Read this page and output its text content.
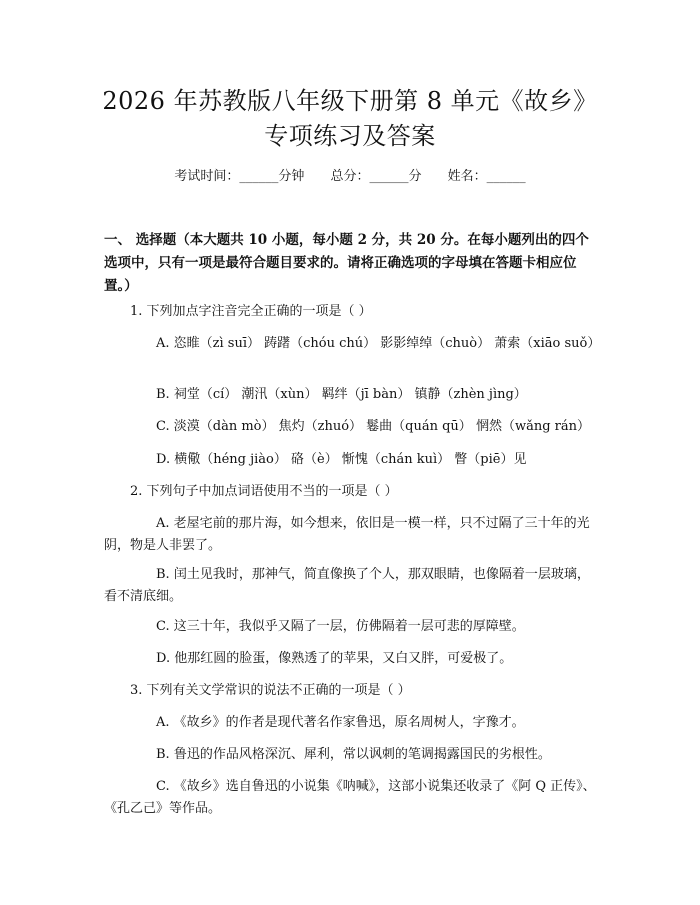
2026 年苏教版八年级下册第 8 单元《故乡》
专项练习及答案
考试时间：______分钟 总分：______分 姓名：______

一、 选择题（本大题共 10 小题，每小题 2 分，共 20 分。在每小题列出的四个选项中，只有一项是最符合题目要求的。请将正确选项的字母填在答题卡相应位置。）

1. 下列加点字注音完全正确的一项是（ ）

A. 恣睢（zì suī） 踌躇（chóu chú） 影影绰绰（chuò） 萧索（xiāo suǒ）

B. 祠堂（cí） 潮汛（xùn） 羁绊（jī bàn） 镇静（zhèn jìng）

C. 淡漠（dàn mò） 焦灼（zhuó） 鬈曲（quán qū） 惘然（wǎng rán）

D. 横儆（héng jiào） 硌（è） 惭愧（chán kuì） 瞥（piē）见

2. 下列句子中加点词语使用不当的一项是（ ）

A. 老屋宅前的那片海，如今想来，依旧是一模一样，只不过隔了三十年的光阴，物是人非罢了。

B. 闰土见我时，那神气，简直像换了个人，那双眼睛，也像隔着一层玻璃，看不清底细。

C. 这三十年，我似乎又隔了一层，仿佛隔着一层可悲的厚障壁。

D. 他那红圆的脸蛋，像熟透了的苹果，又白又胖，可爱极了。

3. 下列有关文学常识的说法不正确的一项是（ ）

A. 《故乡》的作者是现代著名作家鲁迅，原名周树人，字豫才。

B. 鲁迅的作品风格深沉、犀利，常以讽刺的笔调揭露国民的劣根性。

C. 《故乡》选自鲁迅的小说集《呐喊》，这部小说集还收录了《阿 Q 正传》、《孔乙己》等作品。
